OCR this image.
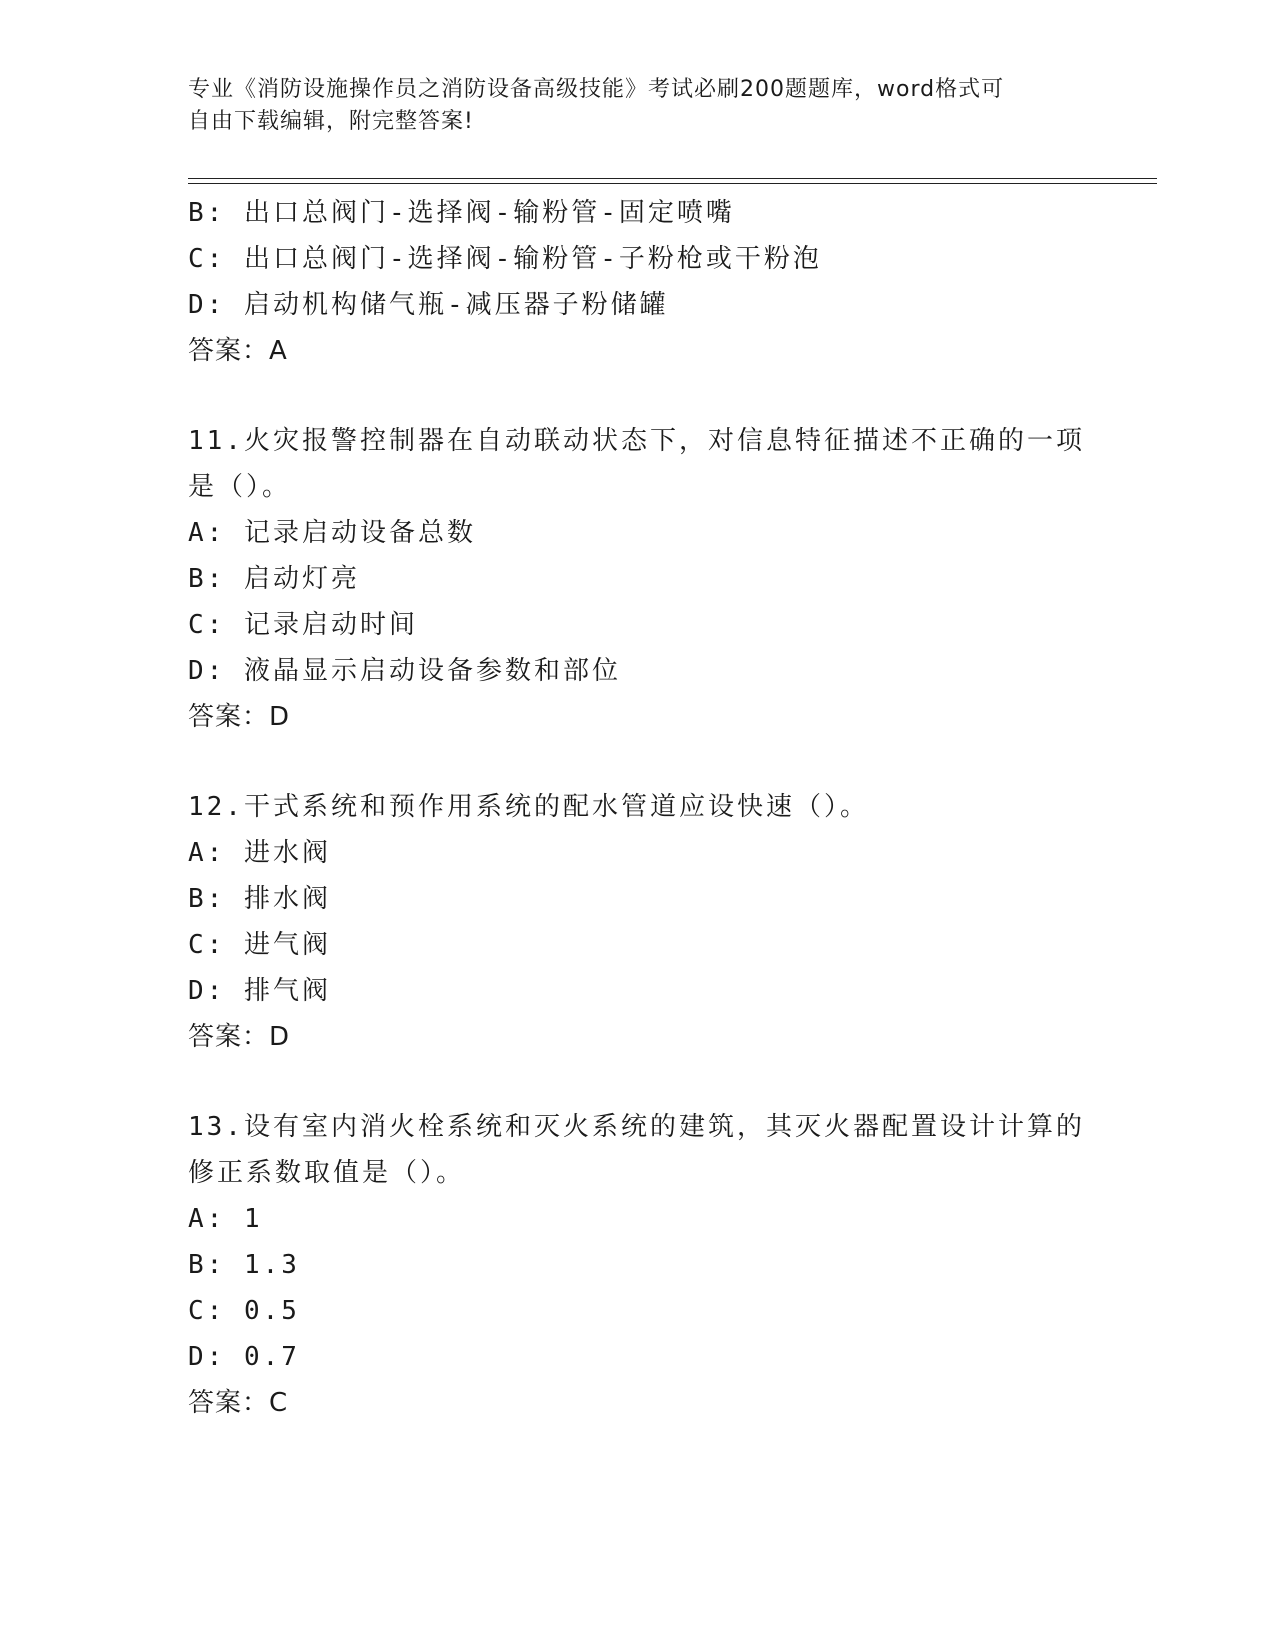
专业《消防设施操作员之消防设备高级技能》考试必刷200题题库，word格式可
自由下载编辑，附完整答案!
B: 出口总阀门-选择阀-输粉管-固定喷嘴
C: 出口总阀门-选择阀-输粉管-子粉枪或干粉泡
D: 启动机构储气瓶-减压器子粉储罐
答案：A
11.火灾报警控制器在自动联动状态下，对信息特征描述不正确的一项
是（）。
A: 记录启动设备总数
B: 启动灯亮
C: 记录启动时间
D: 液晶显示启动设备参数和部位
答案：D
12.干式系统和预作用系统的配水管道应设快速（）。
A: 进水阀
B: 排水阀
C: 进气阀
D: 排气阀
答案：D
13.设有室内消火栓系统和灭火系统的建筑，其灭火器配置设计计算的
修正系数取值是（）。
A: 1
B: 1.3
C: 0.5
D: 0.7
答案：C
